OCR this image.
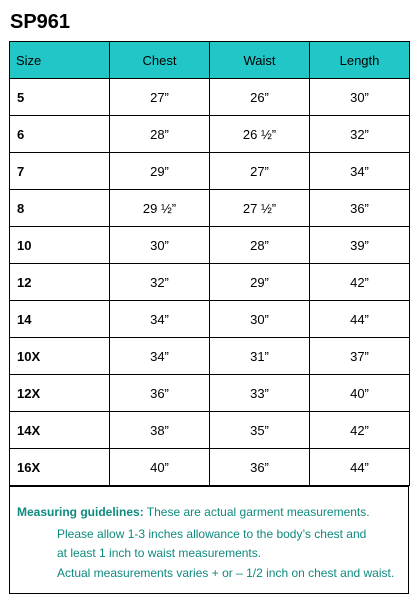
SP961
Size	Chest	Waist	Length
5	27”	26”	30”
6	28”	26 ½”	32”
7	29”	27”	34”
8	29 ½”	27 ½”	36”
10	30”	28”	39”
12	32”	29”	42”
14	34”	30”	44”
10X	34”	31”	37”
12X	36”	33”	40”
14X	38”	35”	42”
16X	40”	36”	44”
Measuring guidelines: These are actual garment measurements.
Please allow 1-3 inches allowance to the body’s chest and
at least 1 inch to waist measurements.
Actual measurements varies + or – 1/2 inch on chest and waist.
